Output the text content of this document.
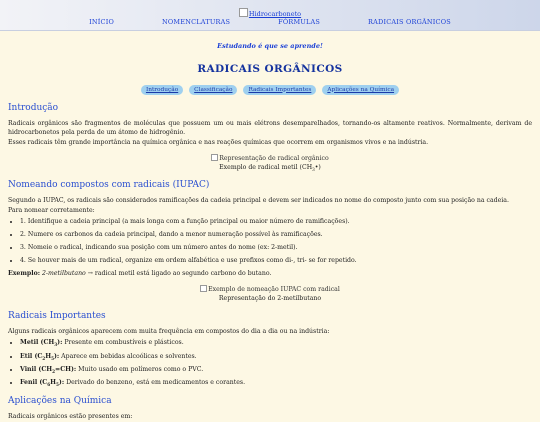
Hidrocarboneto
INÍCIO	NOMENCLATURAS	FÓRMULAS	RADICAIS ORGÂNICOS
Estudando é que se aprende!
RADICAIS ORGÂNICOS
Introdução	Classificação	Radicais Importantes	Aplicações na Química
Introdução

Radicais orgânicos são fragmentos de moléculas que possuem um ou mais elétrons desemparelhados, tornando-os altamente reativos. Normalmente, derivam de hidrocarbonetos pela perda de um átomo de hidrogênio.

Esses radicais têm grande importância na química orgânica e nas reações químicas que ocorrem em organismos vivos e na indústria.

Representação de radical orgânico
Exemplo de radical metil $(CH_3•)$
Nomeando compostos com radicais (IUPAC)

Segundo a IUPAC, os radicais são considerados ramificações da cadeia principal e devem ser indicados no nome do composto junto com sua posição na cadeia.

Para nomear corretamente:

• 1. Identifique a cadeia principal (a mais longa com a função principal ou maior número de ramificações).
• 2. Numere os carbonos da cadeia principal, dando a menor numeração possível às ramificações.
• 3. Nomeie o radical, indicando sua posição com um número antes do nome (ex: 2-metil).
• 4. Se houver mais de um radical, organize em ordem alfabética e use prefixos como di-, tri- se for repetido.

Exemplo: 2-metilbutano → radical metil está ligado ao segundo carbono do butano.

Exemplo de nomeação IUPAC com radical
Representação do 2-metilbutano
Radicais Importantes

Alguns radicais orgânicos aparecem com muita frequência em compostos do dia a dia ou na indústria:

• Metil $(CH_3)$: Presente em combustíveis e plásticos.
• Etil $(C_2H_5)$: Aparece em bebidas alcoólicas e solventes.
• Vinil $(CH_2=CH)$: Muito usado em polímeros como o PVC.
• Fenil $(C_6H_5)$: Derivado do benzeno, está em medicamentos e corantes.
Aplicações na Química

Radicais orgânicos estão presentes em:
